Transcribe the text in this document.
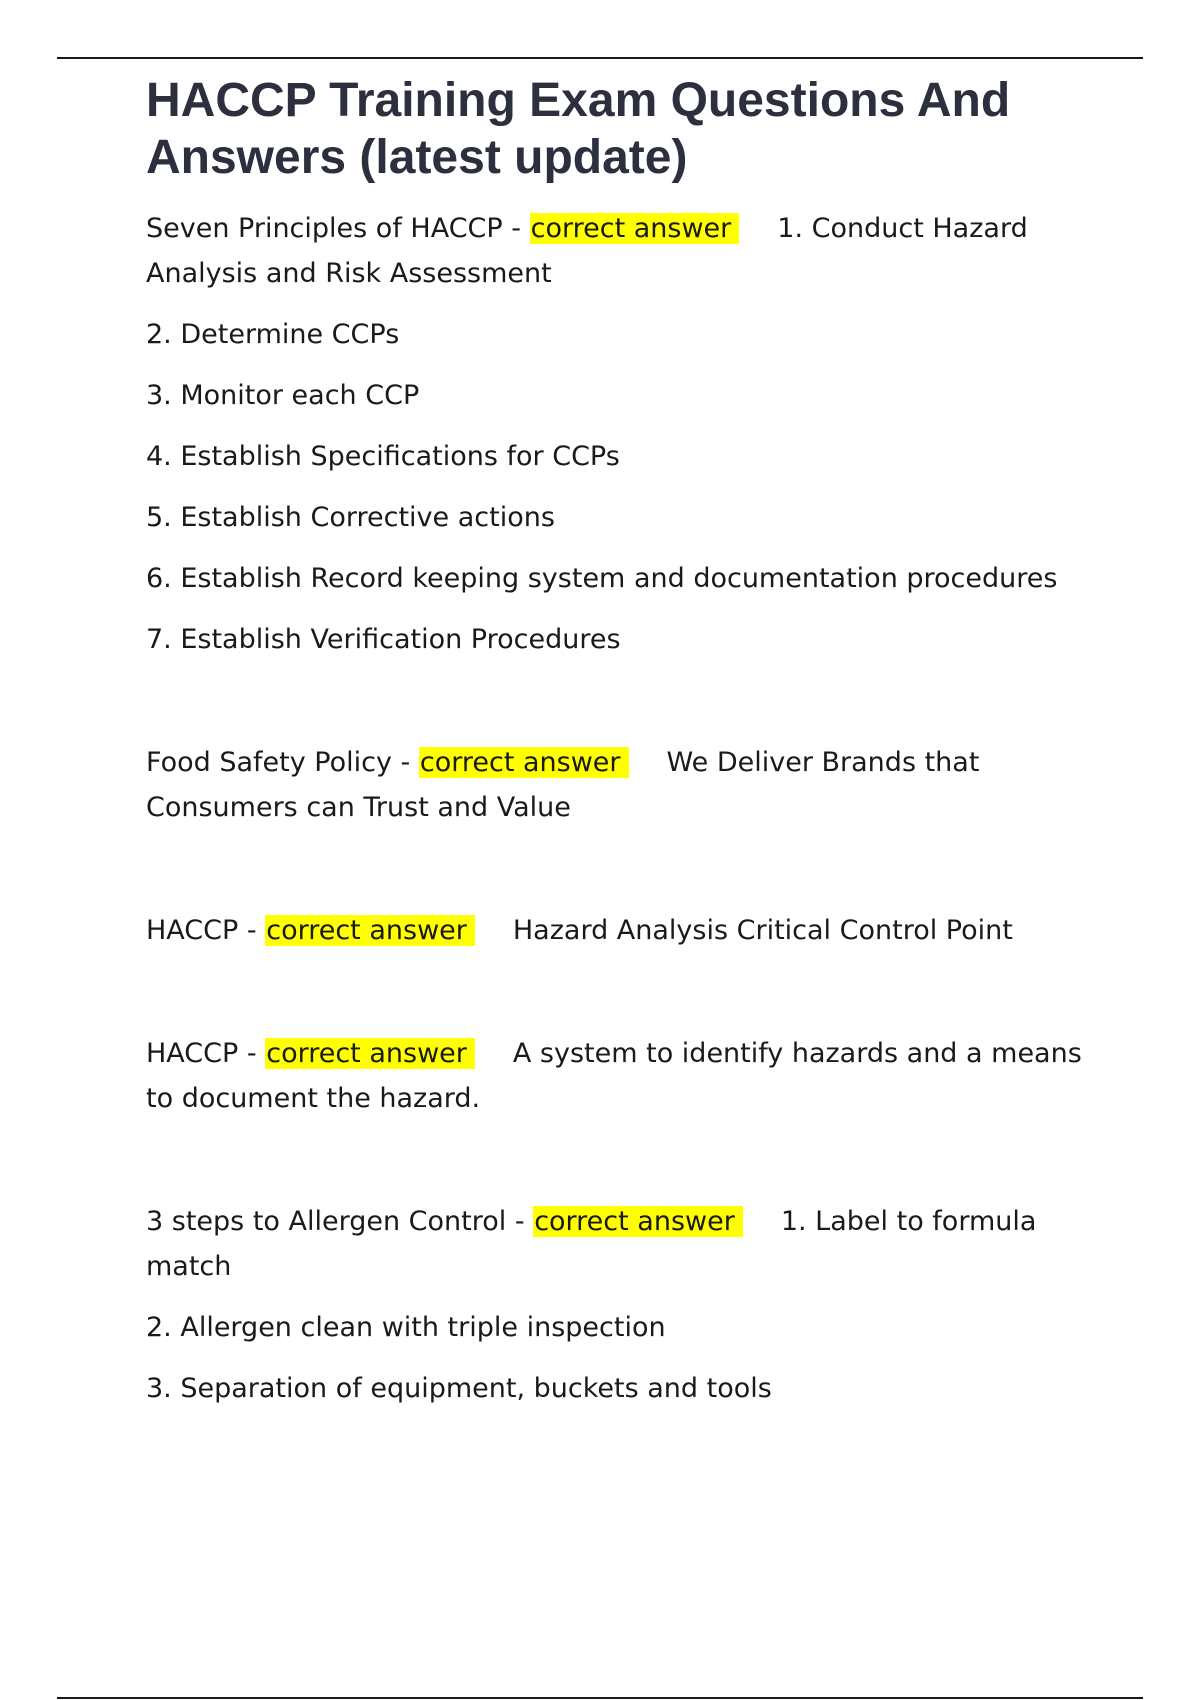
HACCP Training Exam Questions And Answers (latest update)

Seven Principles of HACCP - correct answer 1. Conduct Hazard Analysis and Risk Assessment

2. Determine CCPs

3. Monitor each CCP

4. Establish Specifications for CCPs

5. Establish Corrective actions

6. Establish Record keeping system and documentation procedures

7. Establish Verification Procedures

Food Safety Policy - correct answer We Deliver Brands that Consumers can Trust and Value

HACCP - correct answer Hazard Analysis Critical Control Point

HACCP - correct answer A system to identify hazards and a means to document the hazard.

3 steps to Allergen Control - correct answer 1. Label to formula match

2. Allergen clean with triple inspection

3. Separation of equipment, buckets and tools
